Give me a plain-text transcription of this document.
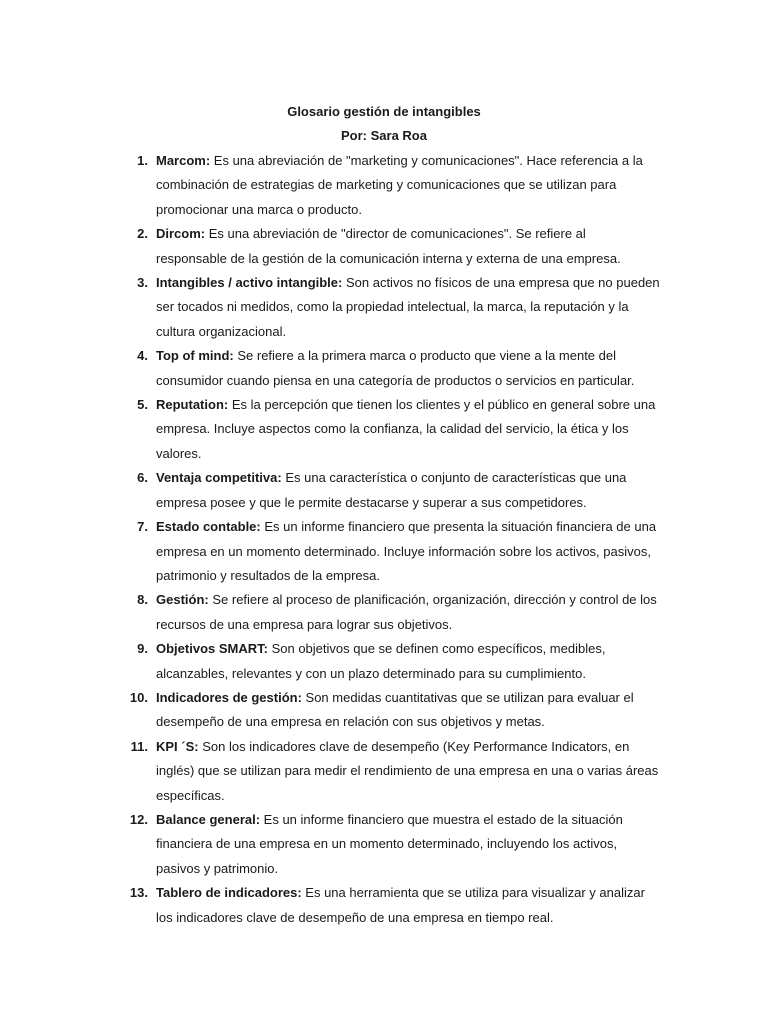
Glosario gestión de intangibles
Por: Sara Roa
1. Marcom: Es una abreviación de "marketing y comunicaciones". Hace referencia a la combinación de estrategias de marketing y comunicaciones que se utilizan para promocionar una marca o producto.
2. Dircom: Es una abreviación de "director de comunicaciones". Se refiere al responsable de la gestión de la comunicación interna y externa de una empresa.
3. Intangibles / activo intangible: Son activos no físicos de una empresa que no pueden ser tocados ni medidos, como la propiedad intelectual, la marca, la reputación y la cultura organizacional.
4. Top of mind: Se refiere a la primera marca o producto que viene a la mente del consumidor cuando piensa en una categoría de productos o servicios en particular.
5. Reputation: Es la percepción que tienen los clientes y el público en general sobre una empresa. Incluye aspectos como la confianza, la calidad del servicio, la ética y los valores.
6. Ventaja competitiva: Es una característica o conjunto de características que una empresa posee y que le permite destacarse y superar a sus competidores.
7. Estado contable: Es un informe financiero que presenta la situación financiera de una empresa en un momento determinado. Incluye información sobre los activos, pasivos, patrimonio y resultados de la empresa.
8. Gestión: Se refiere al proceso de planificación, organización, dirección y control de los recursos de una empresa para lograr sus objetivos.
9. Objetivos SMART: Son objetivos que se definen como específicos, medibles, alcanzables, relevantes y con un plazo determinado para su cumplimiento.
10. Indicadores de gestión: Son medidas cuantitativas que se utilizan para evaluar el desempeño de una empresa en relación con sus objetivos y metas.
11. KPI ´S: Son los indicadores clave de desempeño (Key Performance Indicators, en inglés) que se utilizan para medir el rendimiento de una empresa en una o varias áreas específicas.
12. Balance general: Es un informe financiero que muestra el estado de la situación financiera de una empresa en un momento determinado, incluyendo los activos, pasivos y patrimonio.
13. Tablero de indicadores: Es una herramienta que se utiliza para visualizar y analizar los indicadores clave de desempeño de una empresa en tiempo real.
